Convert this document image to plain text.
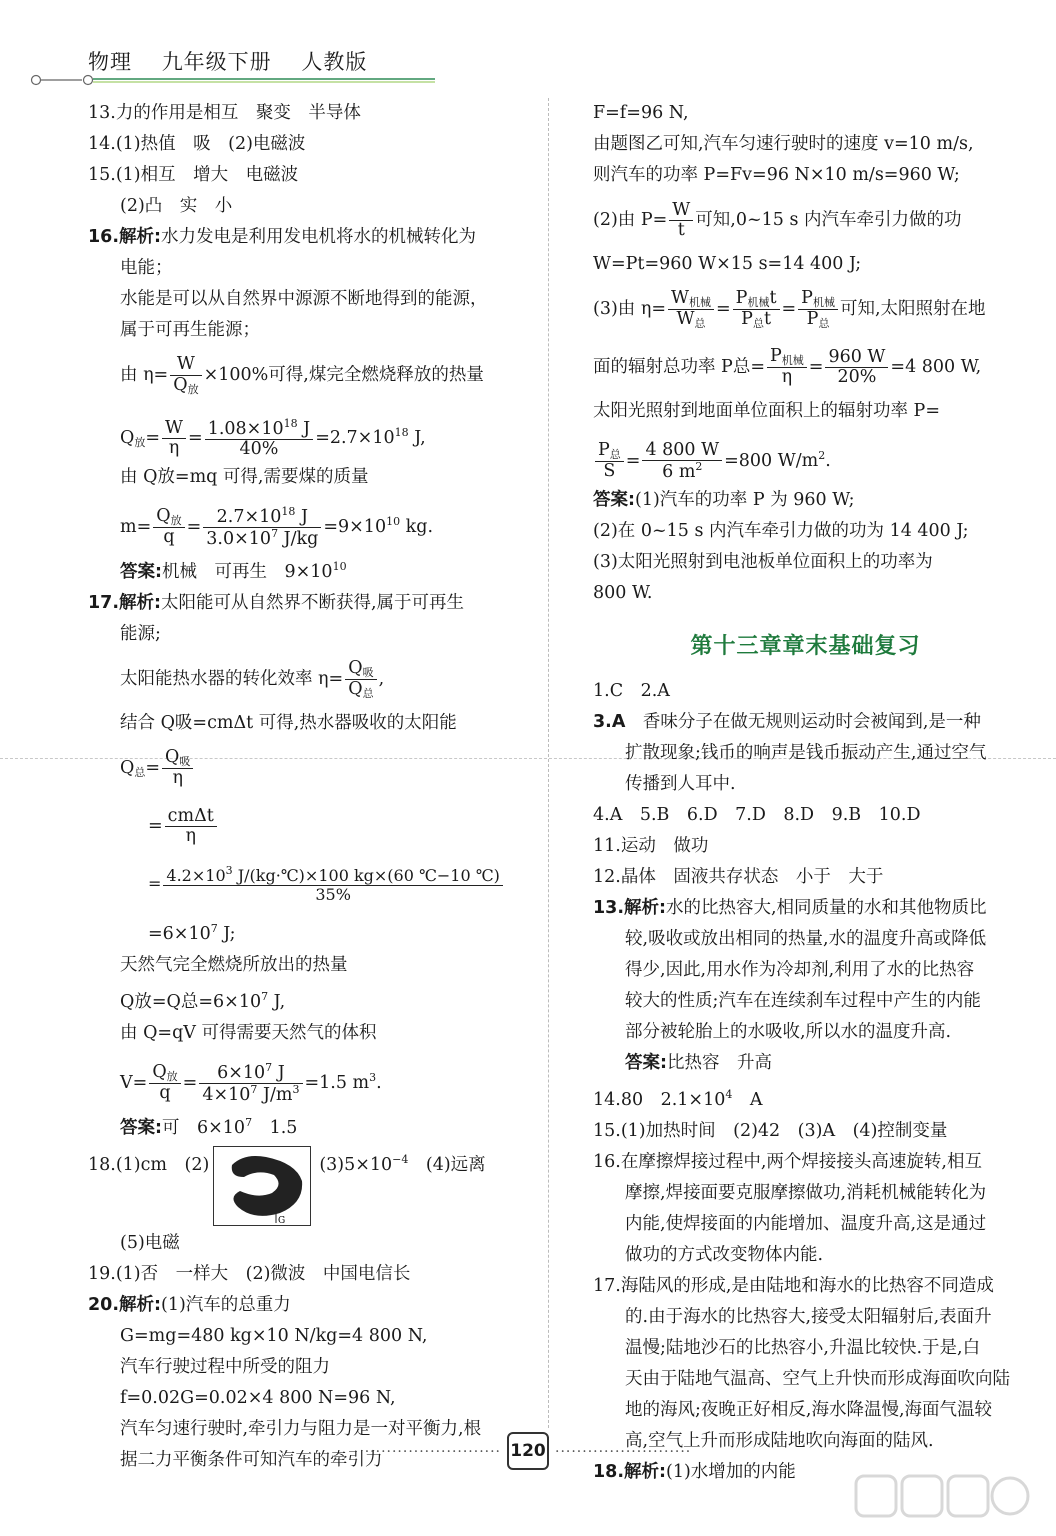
物理 九年级下册 人教版
13.力的作用是相互　聚变　半导体
14.(1)热值　吸　(2)电磁波
15.(1)相互　增大　电磁波
(2)凸　实　小
16.解析:水力发电是利用发电机将水的机械转化为
电能；
水能是可以从自然界中源源不断地得到的能源，
属于可再生能源；
由 $\eta= \frac{W}{Q_放} \times 100\%$可得,煤完全燃烧释放的热量
$Q_放= \frac{W}{\eta} = \frac{1.08\times 10^{18} J}{40\%} =2.7\times 10^{18}$ J,
由 Q放=mq 可得,需要煤的质量
$m= \frac{Q_放}{q} = \frac{2.7\times 10^{18} J}{3.0\times 10^7 J/kg} =9\times 10^{10}$ kg.
答案:机械　可再生　$9\times 10^{10}$
17.解析:太阳能可从自然界不断获得,属于可再生
能源;
太阳能热水器的转化效率 $\eta= \frac{Q_吸}{Q_总}$ ,
结合 Q吸=cmΔt 可得,热水器吸收的太阳能
$Q_总= \frac{Q_吸}{\eta}$
= $\frac{\text{cmΔt}}{\eta}$
= $\frac{4.2\times 10^3 J/(kg\cdot℃)\times 100 kg\times(60 ℃-10 ℃)}{35\%}$
$=6\times 10^7$ J;
天然气完全燃烧所放出的热量
Q放=Q总$=6\times 10^7$ J,
由 Q=qV 可得需要天然气的体积
$V= \frac{Q_放}{q} = \frac{6\times 10^7 J}{4\times 10^7 J/m^3} =1.5$ $m^3$.
答案:可　$6\times 10^7$　1.5
18.(1)cm　(2)
G
$(3)5\times 10^{-4}$　(4)远离
(5)电磁
19.(1)否　一样大　(2)微波　中国电信长
20.解析:(1)汽车的总重力
G=mg=480 kg×10 N/kg=4 800 N,
汽车行驶过程中所受的阻力
f=0.02G=0.02×4 800 N=96 N,
汽车匀速行驶时,牵引力与阻力是一对平衡力,根
据二力平衡条件可知汽车的牵引力
F=f=96 N,
由题图乙可知,汽车匀速行驶时的速度 v=10 m/s,
则汽车的功率 P=Fv=96 N×10 m/s=960 W;
(2)由 $P= \frac{W}{t}$ 可知,0~15 s 内汽车牵引力做的功
W=Pt=960 W×15 s=14 400 J;
(3)由 $\eta= \frac{W_{机械}}{W_总} = \frac{P_{机械}t}{P_总t} = \frac{P_{机械}}{P_总}$ 可知,太阳照射在地
面的辐射总功率 P总= $\frac{P_{机械}}{\eta} = \frac{960 W}{20\%} =4$ 800 W,
太阳光照射到地面单位面积上的辐射功率 P=
$\frac{P_总}{S} = \frac{4 800 W}{6 m^2} =800$ $W/m^2$.
答案:(1)汽车的功率 P 为 960 W;
(2)在 0~15 s 内汽车牵引力做的功为 14 400 J;
(3)太阳光照射到电池板单位面积上的功率为
800 W.
第十三章章末基础复习
1.C　2.A
3.A　香味分子在做无规则运动时会被闻到,是一种
扩散现象;钱币的响声是钱币振动产生,通过空气
传播到人耳中.
4.A　5.B　6.D　7.D　8.D　9.B　10.D
11.运动　做功
12.晶体　固液共存状态　小于　大于
13.解析:水的比热容大,相同质量的水和其他物质比
较,吸收或放出相同的热量,水的温度升高或降低
得少,因此,用水作为冷却剂,利用了水的比热容
较大的性质;汽车在连续刹车过程中产生的内能
部分被轮胎上的水吸收,所以水的温度升高.
答案:比热容　升高
14.80　$2.1\times 10^4$　A
15.(1)加热时间　(2)42　(3)A　(4)控制变量
16.在摩擦焊接过程中,两个焊接接头高速旋转,相互
摩擦,焊接面要克服摩擦做功,消耗机械能转化为
内能,使焊接面的内能增加、温度升高,这是通过
做功的方式改变物体内能.
17.海陆风的形成,是由陆地和海水的比热容不同造成
的.由于海水的比热容大,接受太阳辐射后,表面升
温慢;陆地沙石的比热容小,升温比较快.于是,白
天由于陆地气温高、空气上升快而形成海面吹向陆
地的海风;夜晚正好相反,海水降温慢,海面气温较
高,空气上升而形成陆地吹向海面的陆风.
18.解析:(1)水增加的内能
························· 120 ·························
